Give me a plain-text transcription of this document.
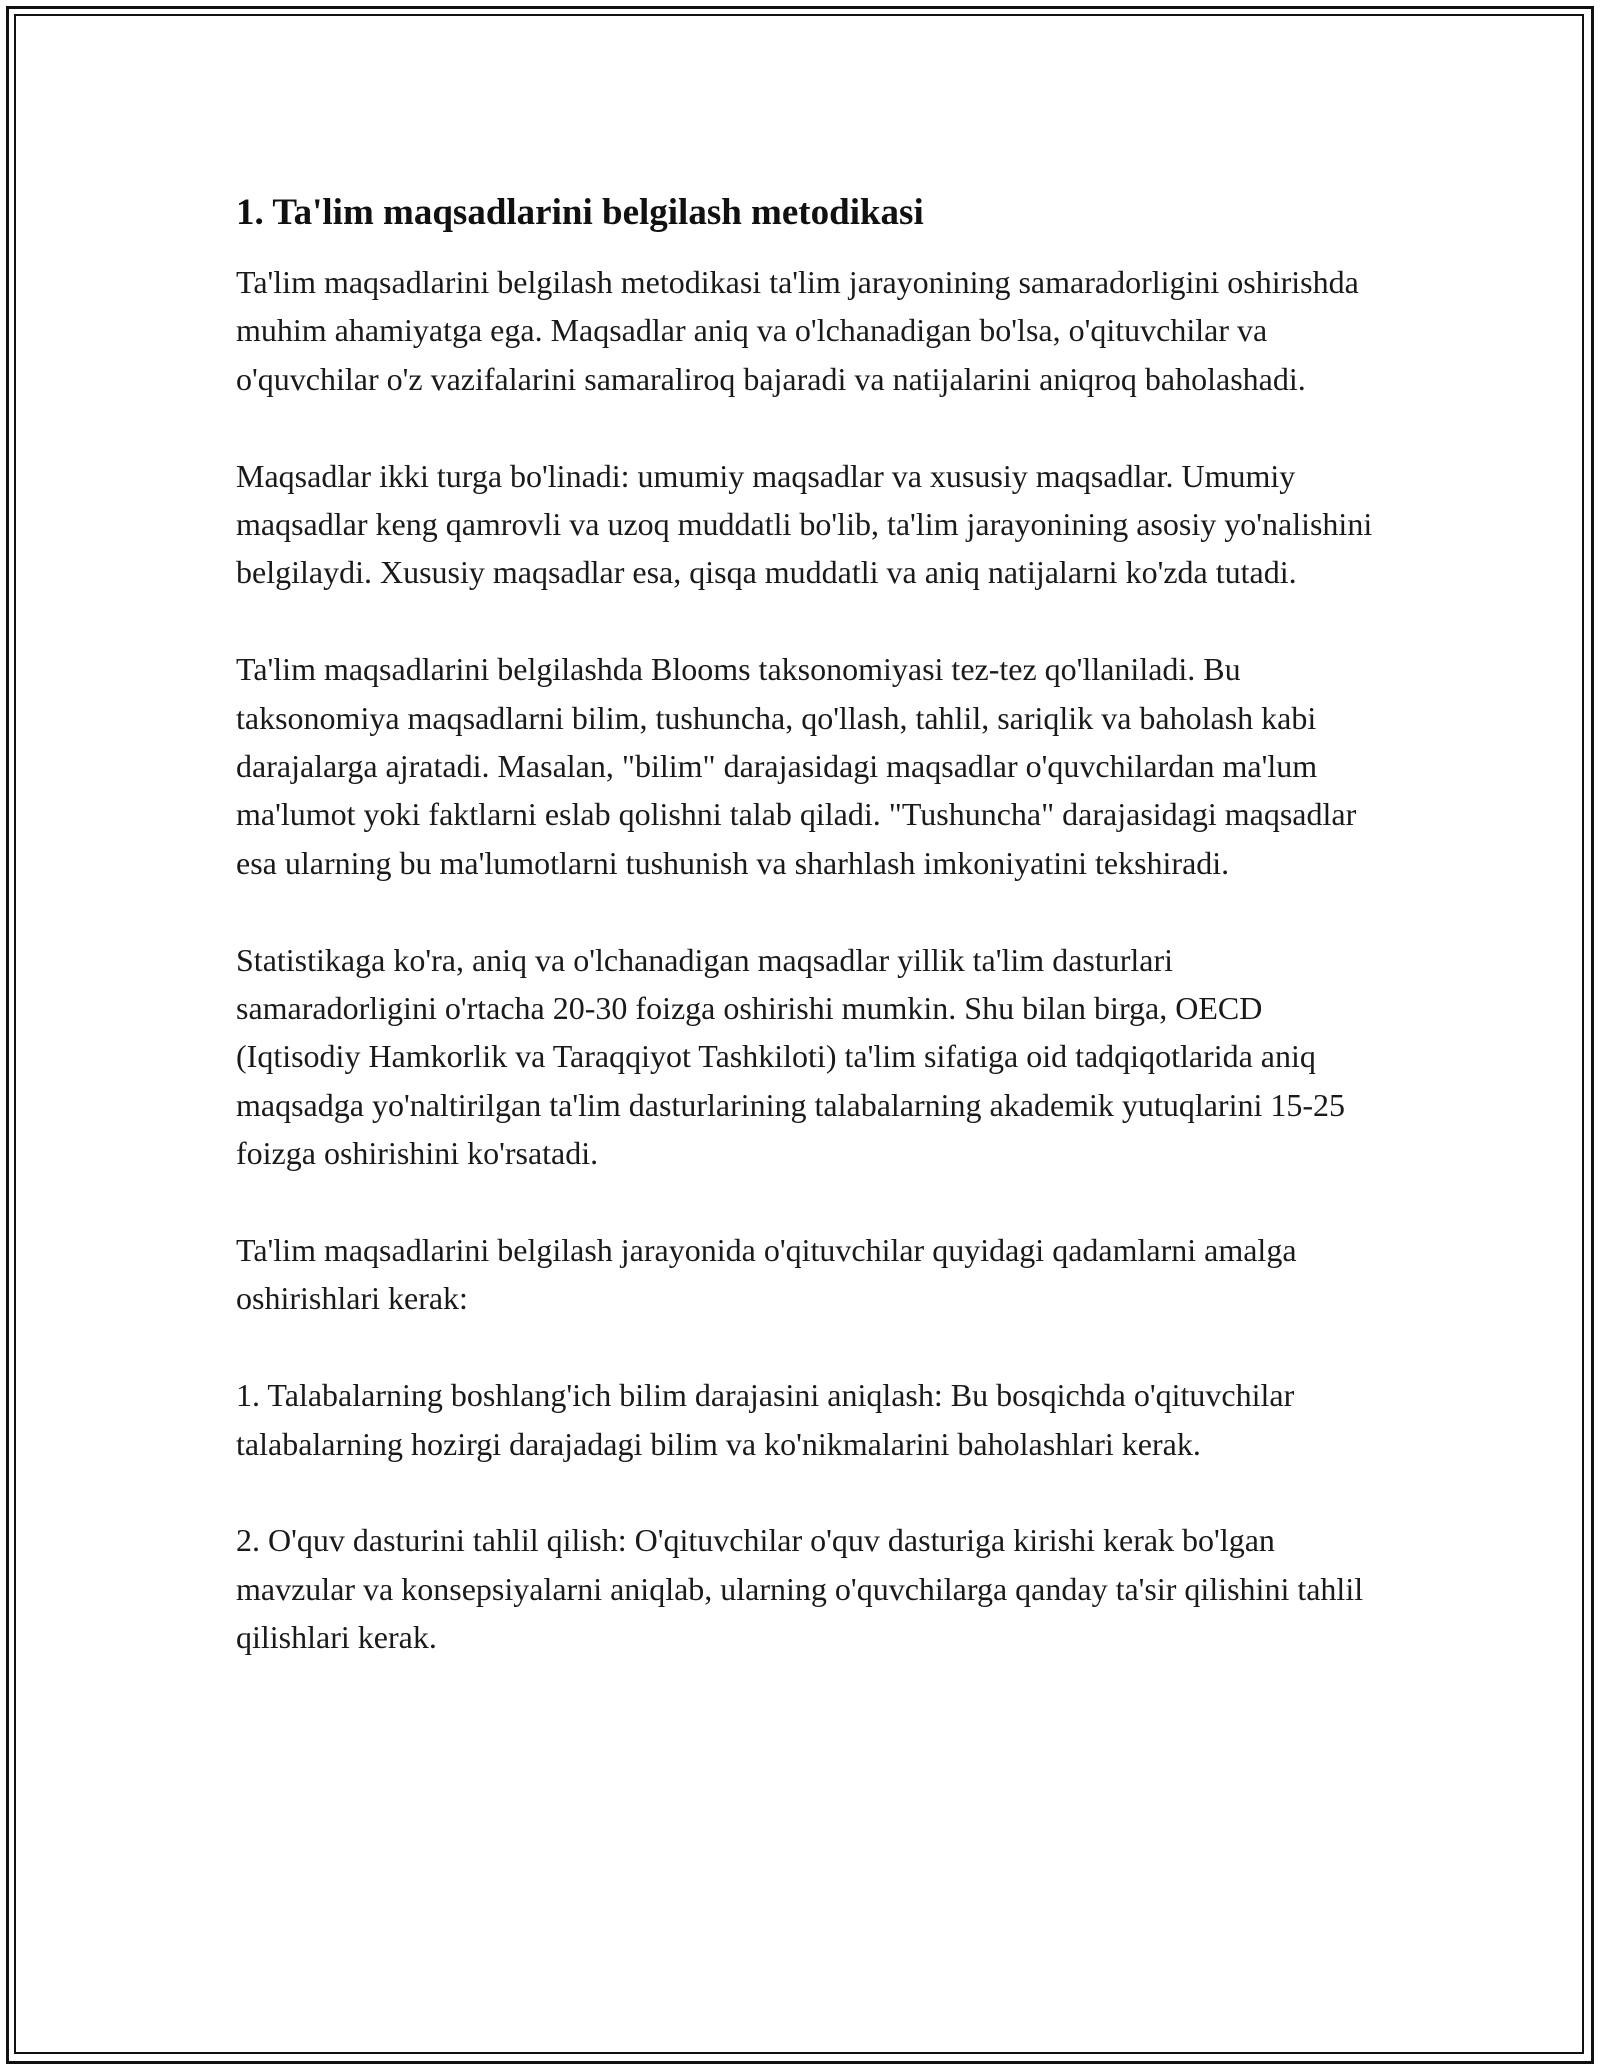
1. Ta'lim maqsadlarini belgilash metodikasi

Ta'lim maqsadlarini belgilash metodikasi ta'lim jarayonining samaradorligini oshirishda muhim ahamiyatga ega. Maqsadlar aniq va o'lchanadigan bo'lsa, o'qituvchilar va o'quvchilar o'z vazifalarini samaraliroq bajaradi va natijalarini aniqroq baholashadi.

Maqsadlar ikki turga bo'linadi: umumiy maqsadlar va xususiy maqsadlar. Umumiy maqsadlar keng qamrovli va uzoq muddatli bo'lib, ta'lim jarayonining asosiy yo'nalishini belgilaydi. Xususiy maqsadlar esa, qisqa muddatli va aniq natijalarni ko'zda tutadi.

Ta'lim maqsadlarini belgilashda Blooms taksonomiyasi tez-tez qo'llaniladi. Bu taksonomiya maqsadlarni bilim, tushuncha, qo'llash, tahlil, sariqlik va baholash kabi darajalarga ajratadi. Masalan, "bilim" darajasidagi maqsadlar o'quvchilardan ma'lum ma'lumot yoki faktlarni eslab qolishni talab qiladi. "Tushuncha" darajasidagi maqsadlar esa ularning bu ma'lumotlarni tushunish va sharhlash imkoniyatini tekshiradi.

Statistikaga ko'ra, aniq va o'lchanadigan maqsadlar yillik ta'lim dasturlari samaradorligini o'rtacha 20-30 foizga oshirishi mumkin. Shu bilan birga, OECD (Iqtisodiy Hamkorlik va Taraqqiyot Tashkiloti) ta'lim sifatiga oid tadqiqotlarida aniq maqsadga yo'naltirilgan ta'lim dasturlarining talabalarning akademik yutuqlarini 15-25 foizga oshirishini ko'rsatadi.

Ta'lim maqsadlarini belgilash jarayonida o'qituvchilar quyidagi qadamlarni amalga oshirishlari kerak:

1. Talabalarning boshlang'ich bilim darajasini aniqlash: Bu bosqichda o'qituvchilar talabalarning hozirgi darajadagi bilim va ko'nikmalarini baholashlari kerak.

2. O'quv dasturini tahlil qilish: O'qituvchilar o'quv dasturiga kirishi kerak bo'lgan mavzular va konsepsiyalarni aniqlab, ularning o'quvchilarga qanday ta'sir qilishini tahlil qilishlari kerak.
